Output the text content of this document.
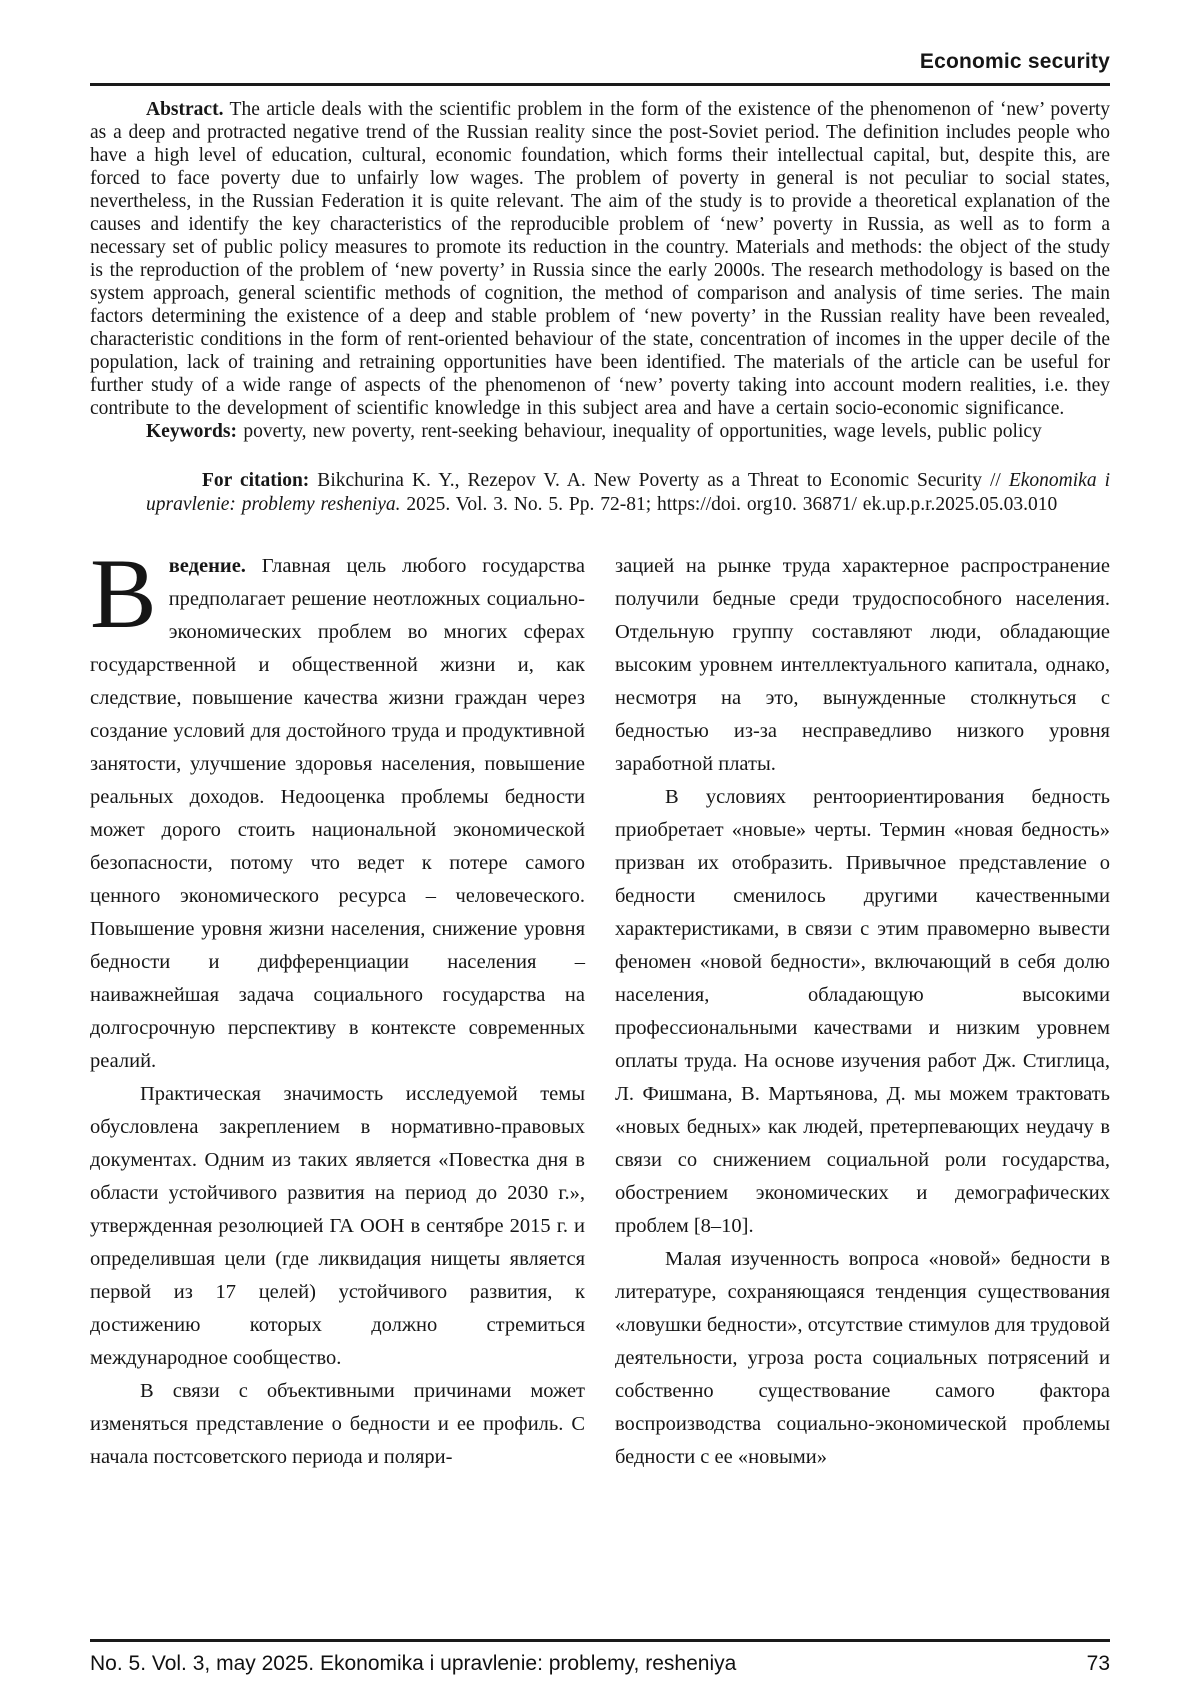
Economic security

Abstract. The article deals with the scientific problem in the form of the existence of the phenomenon of ‘new’ poverty as a deep and protracted negative trend of the Russian reality since the post-Soviet period. The definition includes people who have a high level of education, cultural, economic foundation, which forms their intellectual capital, but, despite this, are forced to face poverty due to unfairly low wages. The problem of poverty in general is not peculiar to social states, nevertheless, in the Russian Federation it is quite relevant. The aim of the study is to provide a theoretical explanation of the causes and identify the key characteristics of the reproducible problem of ‘new’ poverty in Russia, as well as to form a necessary set of public policy measures to promote its reduction in the country. Materials and methods: the object of the study is the reproduction of the problem of ‘new poverty’ in Russia since the early 2000s. The research methodology is based on the system approach, general scientific methods of cognition, the method of comparison and analysis of time series. The main factors determining the existence of a deep and stable problem of ‘new poverty’ in the Russian reality have been revealed, characteristic conditions in the form of rent-oriented behaviour of the state, concentration of incomes in the upper decile of the population, lack of training and retraining opportunities have been identified. The materials of the article can be useful for further study of a wide range of aspects of the phenomenon of ‘new’ poverty taking into account modern realities, i.e. they contribute to the development of scientific knowledge in this subject area and have a certain socio-economic significance.

Keywords: poverty, new poverty, rent-seeking behaviour, inequality of opportunities, wage levels, public policy

For citation: Bikchurina K. Y., Rezepov V. A. New Poverty as a Threat to Economic Security // Ekonomika i upravlenie: problemy resheniya. 2025. Vol. 3. No. 5. Pp. 72-81; https://doi. org10. 36871/ ek.up.p.r.2025.05.03.010

Введение. Главная цель любого государства предполагает решение неотложных социально-экономических проблем во многих сферах государственной и общественной жизни и, как следствие, повышение качества жизни граждан через создание условий для достойного труда и продуктивной занятости, улучшение здоровья населения, повышение реальных доходов. Недооценка проблемы бедности может дорого стоить национальной экономической безопасности, потому что ведет к потере самого ценного экономического ресурса – человеческого. Повышение уровня жизни населения, снижение уровня бедности и дифференциации населения – наиважнейшая задача социального государства на долгосрочную перспективу в контексте современных реалий.

Практическая значимость исследуемой темы обусловлена закреплением в нормативно-правовых документах. Одним из таких является «Повестка дня в области устойчивого развития на период до 2030 г.», утвержденная резолюцией ГА ООН в сентябре 2015 г. и определившая цели (где ликвидация нищеты является первой из 17 целей) устойчивого развития, к достижению которых должно стремиться международное сообщество.

В связи с объективными причинами может изменяться представление о бедности и ее профиль. С начала постсоветского периода и поляри-

зацией на рынке труда характерное распространение получили бедные среди трудоспособного населения. Отдельную группу составляют люди, обладающие высоким уровнем интеллектуального капитала, однако, несмотря на это, вынужденные столкнуться с бедностью из-за несправедливо низкого уровня заработной платы.

В условиях рентоориентирования бедность приобретает «новые» черты. Термин «новая бедность» призван их отобразить. Привычное представление о бедности сменилось другими качественными характеристиками, в связи с этим правомерно вывести феномен «новой бедности», включающий в себя долю населения, обладающую высокими профессиональными качествами и низким уровнем оплаты труда. На основе изучения работ Дж. Стиглица, Л. Фишмана, В. Мартьянова, Д. мы можем трактовать «новых бедных» как людей, претерпевающих неудачу в связи со снижением социальной роли государства, обострением экономических и демографических проблем [8–10].

Малая изученность вопроса «новой» бедности в литературе, сохраняющаяся тенденция существования «ловушки бедности», отсутствие стимулов для трудовой деятельности, угроза роста социальных потрясений и собственно существование самого фактора воспроизводства социально-экономической проблемы бедности с ее «новыми»

No. 5. Vol. 3, may 2025. Ekonomika i upravlenie: problemy, resheniya	73
